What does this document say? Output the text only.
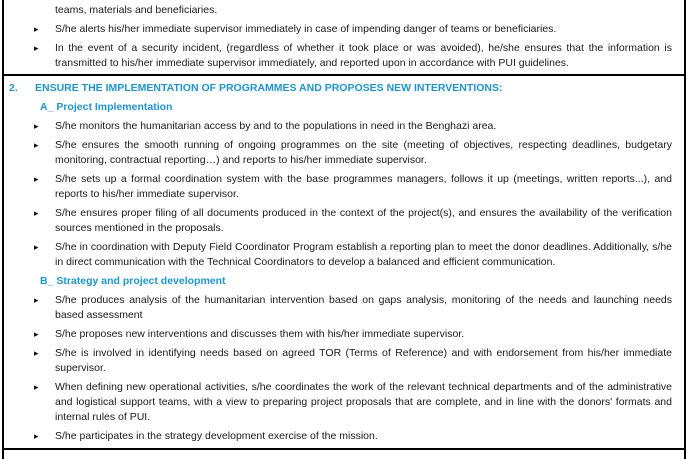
teams, materials and beneficiaries.
▸	S/he alerts his/her immediate supervisor immediately in case of impending danger of teams or beneficiaries.
▸	In the event of a security incident, (regardless of whether it took place or was avoided), he/she ensures that the information is transmitted to his/her immediate supervisor immediately, and reported upon in accordance with PUI guidelines.
2.	ENSURE THE IMPLEMENTATION OF PROGRAMMES AND PROPOSES NEW INTERVENTIONS:
A_ Project Implementation
▸	S/he monitors the humanitarian access by and to the populations in need in the Benghazi area.
▸	S/he ensures the smooth running of ongoing programmes on the site (meeting of objectives, respecting deadlines, budgetary monitoring, contractual reporting…) and reports to his/her immediate supervisor.
▸	S/he sets up a formal coordination system with the base programmes managers, follows it up (meetings, written reports...), and reports to his/her immediate supervisor.
▸	S/he ensures proper filing of all documents produced in the context of the project(s), and ensures the availability of the verification sources mentioned in the proposals.
▸	S/he in coordination with Deputy Field Coordinator Program establish a reporting plan to meet the donor deadlines. Additionally, s/he in direct communication with the Technical Coordinators to develop a balanced and efficient communication.
B_ Strategy and project development
▸	S/he produces analysis of the humanitarian intervention based on gaps analysis, monitoring of the needs and launching needs based assessment
▸	S/he proposes new interventions and discusses them with his/her immediate supervisor.
▸	S/he is involved in identifying needs based on agreed TOR (Terms of Reference) and with endorsement from his/her immediate supervisor.
▸	When defining new operational activities, s/he coordinates the work of the relevant technical departments and of the administrative and logistical support teams, with a view to preparing project proposals that are complete, and in line with the donors' formats and internal rules of PUI.
▸	S/he participates in the strategy development exercise of the mission.
